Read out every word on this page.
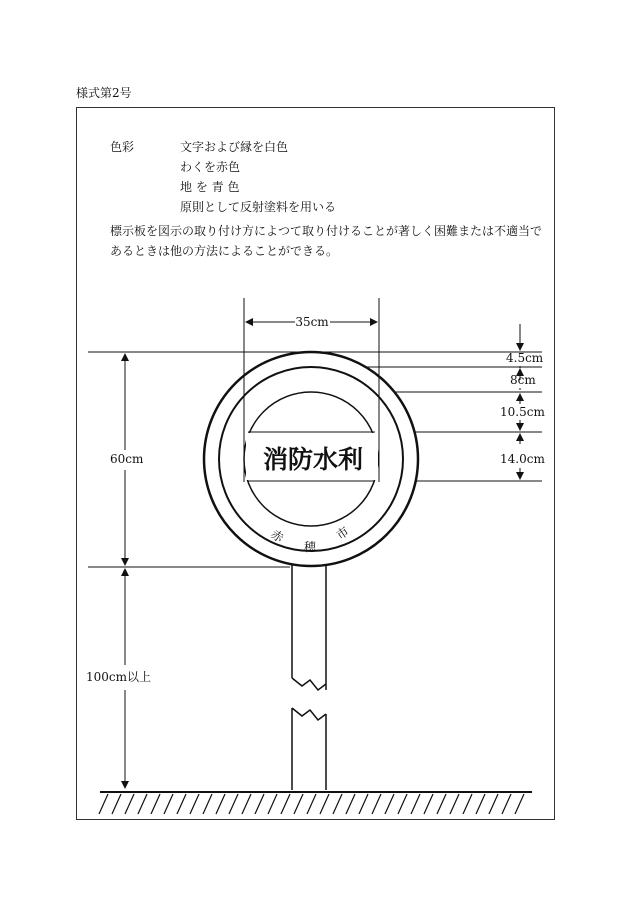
様式第2号
色彩	文字および縁を白色
わくを赤色
地 を 青 色
原則として反射塗料を用いる
標示板を図示の取り付け方によつて取り付けることが著しく困難または不適当で
あるときは他の方法によることができる。
35cm
4.5cm
8cm
10.5cm
14.0cm
60cm
100cm以上
消防水利
赤
穂
市
